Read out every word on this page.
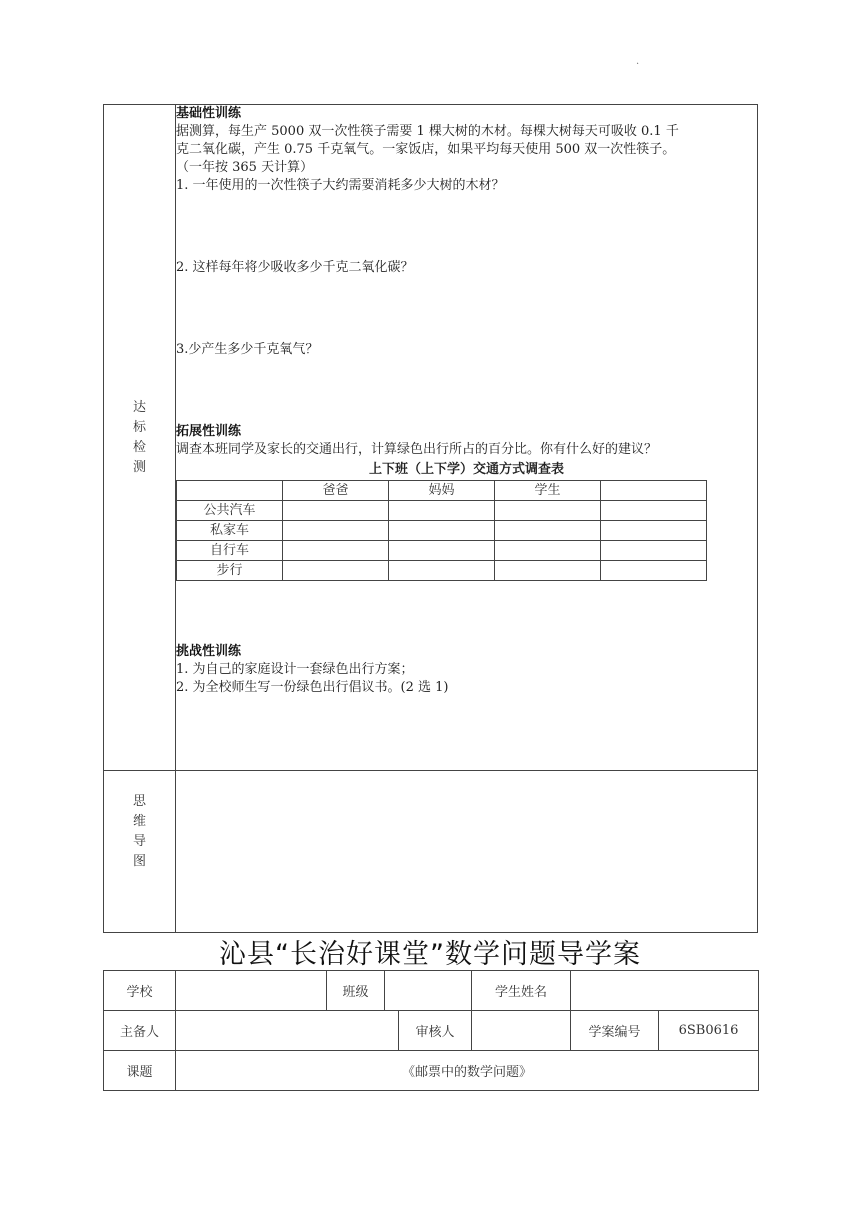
.
达
标
检
测

基础性训练
据测算，每生产 5000 双一次性筷子需要 1 棵大树的木材。每棵大树每天可吸收 0.1 千
克二氧化碳，产生 0.75 千克氧气。一家饭店，如果平均每天使用 500 双一次性筷子。
（一年按 365 天计算）
1. 一年使用的一次性筷子大约需要消耗多少大树的木材？
2. 这样每年将少吸收多少千克二氧化碳？
3.少产生多少千克氧气？
拓展性训练
调查本班同学及家长的交通出行，计算绿色出行所占的百分比。你有什么好的建议？
上下班（上下学）交通方式调查表
	爸爸	妈妈	学生	
公共汽车				
私家车				
自行车				
步行				
挑战性训练
1. 为自己的家庭设计一套绿色出行方案；
2. 为全校师生写一份绿色出行倡议书。(2 选 1)

思
维
导
图

沁县“长治好课堂”数学问题导学案
学校		班级			学生姓名		
主备人				审核人		学案编号	6SB0616
课题	《邮票中的数学问题》						
